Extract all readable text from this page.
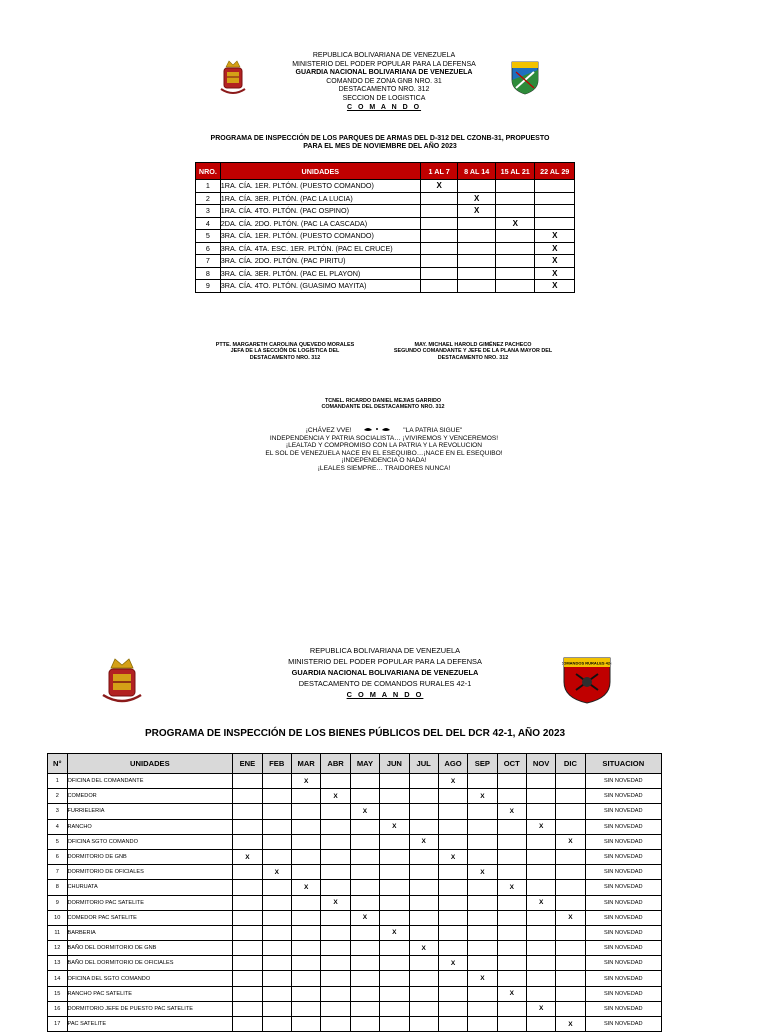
REPUBLICA BOLIVARIANA DE VENEZUELA
MINISTERIO DEL PODER POPULAR PARA LA DEFENSA
GUARDIA NACIONAL BOLIVARIANA DE VENEZUELA
COMANDO DE ZONA GNB NRO. 31
DESTACAMENTO NRO. 312
SECCION DE LOGISTICA
C O M A N D O
PROGRAMA DE INSPECCIÓN DE LOS PARQUES DE ARMAS DEL D-312 DEL CZONB-31, PROPUESTO
PARA EL MES DE NOVIEMBRE DEL AÑO 2023
NRO.	UNIDADES	1 AL 7	8 AL 14	15 AL 21	22 AL 29
1	1RA. CÍA. 1ER. PLTÓN. (PUESTO COMANDO)	X			
2	1RA. CÍA. 3ER. PLTÓN. (PAC LA LUCIA)		X		
3	1RA. CÍA. 4TO. PLTÓN. (PAC OSPINO)		X		
4	2DA. CÍA. 2DO. PLTÓN. (PAC LA CASCADA)			X	
5	3RA. CÍA. 1ER. PLTÓN. (PUESTO COMANDO)				X
6	3RA. CÍA. 4TA. ESC. 1ER. PLTÓN. (PAC EL CRUCE)				X
7	3RA. CÍA. 2DO. PLTÓN. (PAC PIRITU)				X
8	3RA. CÍA. 3ER. PLTÓN. (PAC EL PLAYON)				X
9	3RA. CÍA. 4TO. PLTÓN. (GUASIMO MAYITA)				X
PTTE. MARGARETH CAROLINA QUEVEDO MORALES
JEFA DE LA SECCIÓN DE LOGÍSTICA DEL
DESTACAMENTO NRO. 312
MAY. MICHAEL HAROLD GIMÉNEZ PACHECO
SEGUNDO COMANDANTE Y JEFE DE LA PLANA MAYOR DEL
DESTACAMENTO NRO. 312
TCNEL. RICARDO DANIEL MEJIAS GARRIDO
COMANDANTE DEL DESTACAMENTO NRO. 312
¡CHÁVEZ VVE!	"LA PATRIA SIGUE"
INDEPENDENCIA Y PATRIA SOCIALISTA… ¡VIVIREMOS Y VENCEREMOS!
¡LEALTAD Y COMPROMISO CON LA PATRIA Y LA REVOLUCION
EL SOL DE VENEZUELA NACE EN EL ESEQUIBO…¡NACE EN EL ESEQUIBO!
¡INDEPENDENCIA O NADA!
¡LEALES SIEMPRE… TRAIDORES NUNCA!
REPUBLICA BOLIVARIANA DE VENEZUELA
MINISTERIO DEL PODER POPULAR PARA LA DEFENSA
GUARDIA NACIONAL BOLIVARIANA DE VENEZUELA
DESTACAMENTO DE COMANDOS RURALES 42-1
C O M A N D O
COMANDOS RURALES 42-1
PROGRAMA DE INSPECCIÓN DE LOS BIENES PÚBLICOS DEL DEL DCR 42-1, AÑO 2023
N°	UNIDADES	ENE	FEB	MAR	ABR	MAY	JUN	JUL	AGO	SEP	OCT	NOV	DIC	SITUACION
1	OFICINA DEL COMANDANTE			X					X					SIN NOVEDAD
2	COMEDOR				X					X				SIN NOVEDAD
3	FURRIELERIA					X					X			SIN NOVEDAD
4	RANCHO						X					X		SIN NOVEDAD
5	OFICINA SGTO COMANDO							X					X	SIN NOVEDAD
6	DORMITORIO DE GNB	X							X					SIN NOVEDAD
7	DORMITORIO DE OFICIALES		X							X				SIN NOVEDAD
8	CHURUATA			X							X			SIN NOVEDAD
9	DORMITORIO PAC SATELITE				X							X		SIN NOVEDAD
10	COMEDOR PAC SATELITE					X							X	SIN NOVEDAD
11	BARBERIA						X							SIN NOVEDAD
12	BAÑO DEL DORMITORIO DE GNB							X						SIN NOVEDAD
13	BAÑO DEL DORMITORIO DE OFICIALES								X					SIN NOVEDAD
14	OFICINA DEL SGTO COMANDO									X				SIN NOVEDAD
15	RANCHO PAC SATELITE										X			SIN NOVEDAD
16	DORMITORIO JEFE DE PUESTO PAC SATELITE											X		SIN NOVEDAD
17	PAC SATELITE												X	SIN NOVEDAD
